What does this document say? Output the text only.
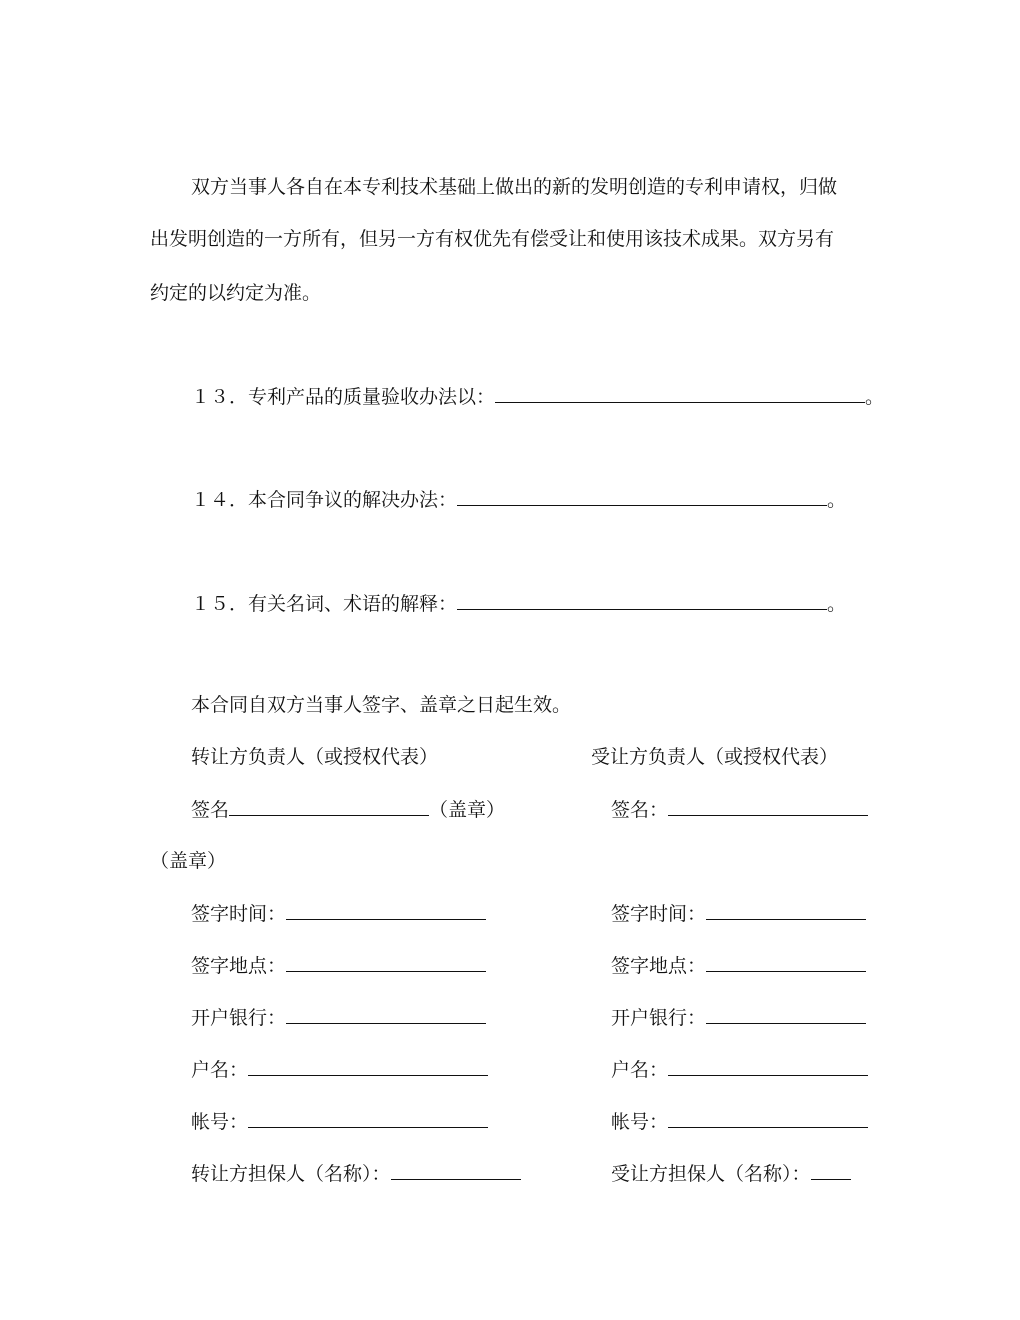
双方当事人各自在本专利技术基础上做出的新的发明创造的专利申请权，归做
出发明创造的一方所有，但另一方有权优先有偿受让和使用该技术成果。双方另有
约定的以约定为准。
１３．专利产品的质量验收办法以：	。
１４．本合同争议的解决办法：	。
１５．有关名词、术语的解释：	。
本合同自双方当事人签字、盖章之日起生效。
转让方负责人（或授权代表）	受让方负责人（或授权代表）
签名	（盖章）	签名：
（盖章）
签字时间：	签字时间：
签字地点：	签字地点：
开户银行：	开户银行：
户名：	户名：
帐号：	帐号：
转让方担保人（名称）：	受让方担保人（名称）：
